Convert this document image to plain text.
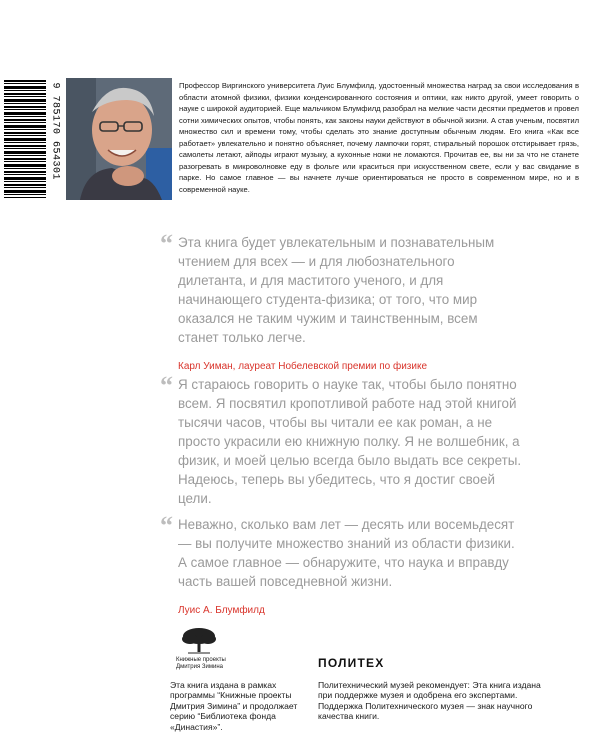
9 785170 654301	Профессор Виргинского университета Луис Блумфилд, удостоенный множества наград за свои исследования в области атомной физики, физики конденсированного состояния и оптики, как никто другой, умеет говорить о науке с широкой аудиторией. Еще мальчиком Блумфилд разобрал на мелкие части десятки предметов и провел сотни химических опытов, чтобы понять, как законы науки действуют в обычной жизни. А став ученым, посвятил множество сил и времени тому, чтобы сделать это знание доступным обычным людям. Его книга «Как все работает» увлекательно и понятно объясняет, почему лампочки горят, стиральный порошок отстирывает грязь, самолеты летают, айподы играют музыку, а кухонные ножи не ломаются. Прочитав ее, вы ни за что не станете разогревать в микроволновке еду в фольге или краситься при искусственном свете, если у вас свидание в парке. Но самое главное — вы начнете лучше ориентироваться не просто в современном мире, но и в современной науке.
“ Эта книга будет увлекательным и познавательным чтением для всех — и для любознательного дилетанта, и для маститого ученого, и для начинающего студента-физика; от того, что мир оказался не таким чужим и таинственным, всем станет только легче.
Карл Уиман, лауреат Нобелевской премии по физике
“ Я стараюсь говорить о науке так, чтобы было понятно всем. Я посвятил кропотливой работе над этой книгой тысячи часов, чтобы вы читали ее как роман, а не просто украсили ею книжную полку. Я не волшебник, а физик, и моей целью всегда было выдать все секреты. Надеюсь, теперь вы убедитесь, что я достиг своей цели.
“ Неважно, сколько вам лет — десять или восемьдесят — вы получите множество знаний из области физики. А самое главное — обнаружите, что наука и вправду часть вашей повседневной жизни.
Луис А. Блумфилд
Книжные проекты Дмитрия Зимина
Эта книга издана в рамках программы “Книжные проекты Дмитрия Зимина” и продолжает серию “Библиотека фонда «Династия»”.
ПОЛИТЕХ
Политехнический музей рекомендует: Эта книга издана при поддержке музея и одобрена его экспертами. Поддержка Политехнического музея — знак научного качества книги.
